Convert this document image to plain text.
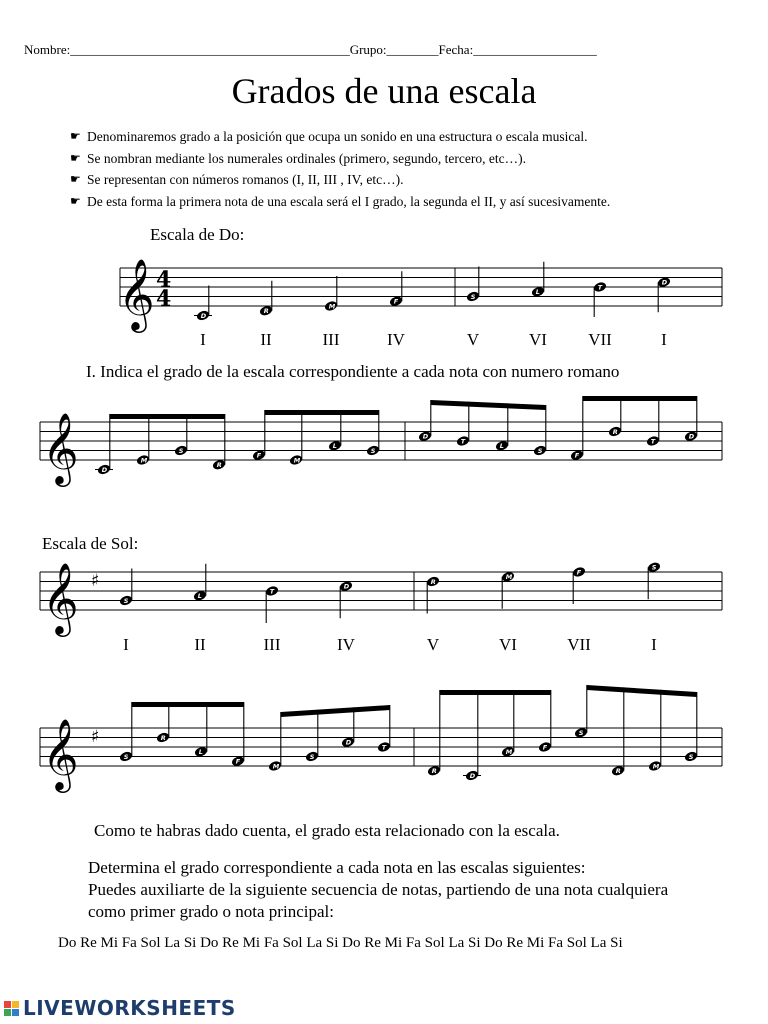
Nombre:___________________________________________Grupo:________Fecha:___________________
Grados de una escala
☛ Denominaremos grado a la posición que ocupa un sonido en una estructura o escala musical.
☛ Se nombran mediante los numerales ordinales (primero, segundo, tercero, etc…).
☛ Se representan con números romanos (I, II, III , IV, etc…).
☛ De esta forma la primera nota de una escala será el I grado, la segunda el II, y así sucesivamente.
Escala de Do:
𝄞 4
4
D
R
M
F
S
L
T
D
𝄞	D
M
S
R
F
M
L
S
D
T
L
S
F
R
T
D
𝄞 ♯
S
L
T
D
R
M
F
S
𝄞 ♯
S
R
L
F
M
S
D
T
R
D
M
F
S
R
M
S
I	II	III	IV	V	VI	VII	I
I. Indica el grado de la escala correspondiente a cada nota con numero romano
Escala de Sol:
I	II	III	IV	V	VI	VII	I
Como te habras dado cuenta, el grado esta relacionado con la escala.
Determina el grado correspondiente a cada nota en las escalas siguientes:
Puedes auxiliarte de la siguiente secuencia de notas, partiendo de una nota cualquiera
como primer grado o nota principal:
Do Re Mi Fa Sol La Si Do Re Mi Fa Sol La Si Do Re Mi Fa Sol La Si Do Re Mi Fa Sol La Si
LIVEWORKSHEETS
